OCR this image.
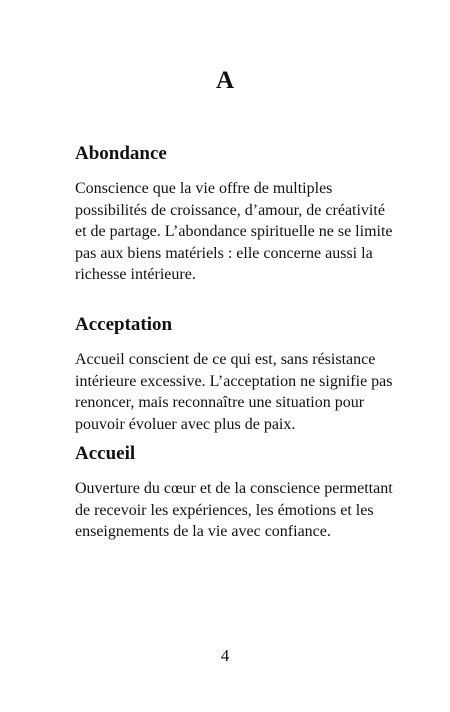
A
Abondance

Conscience que la vie offre de multiples possibilités de croissance, d’amour, de créativité et de partage. L’abondance spirituelle ne se limite pas aux biens matériels : elle concerne aussi la richesse intérieure.

Acceptation

Accueil conscient de ce qui est, sans résistance intérieure excessive. L’acceptation ne signifie pas renoncer, mais reconnaître une situation pour pouvoir évoluer avec plus de paix.

Accueil

Ouverture du cœur et de la conscience permettant de recevoir les expériences, les émotions et les enseignements de la vie avec confiance.

4
